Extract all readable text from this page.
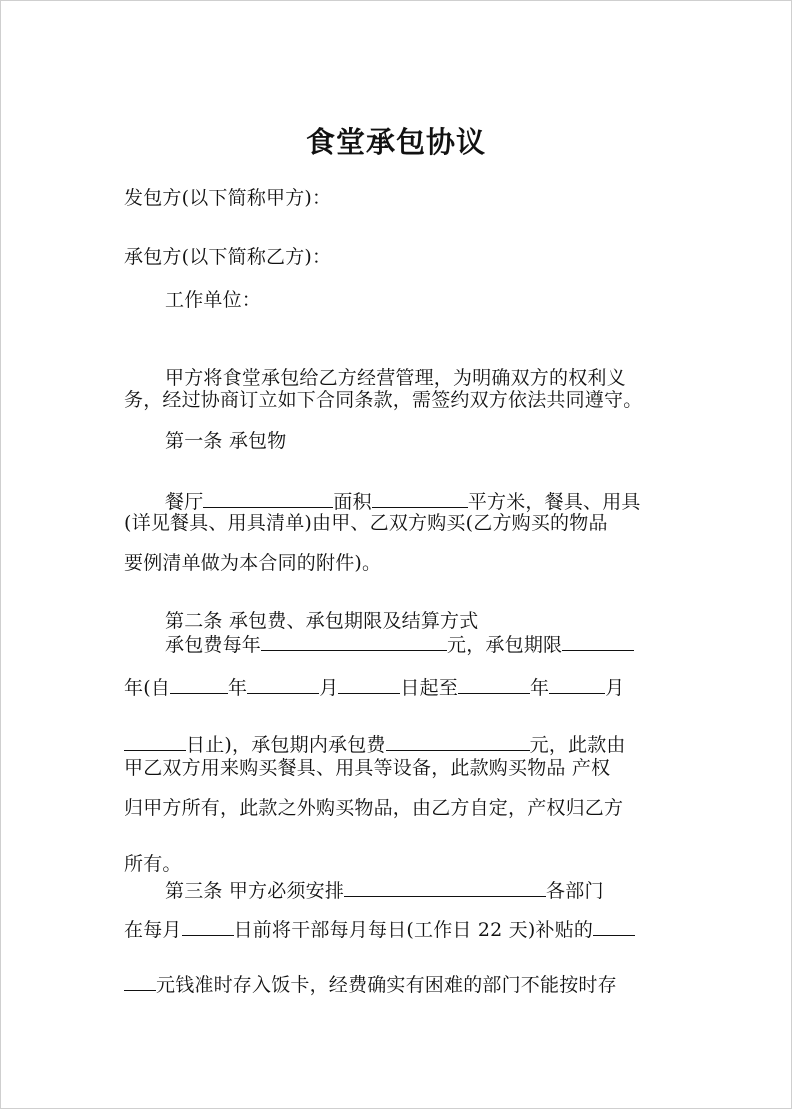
食堂承包协议
发包方(以下简称甲方)：
承包方(以下简称乙方)：
工作单位：
甲方将食堂承包给乙方经营管理，为明确双方的权利义
务，经过协商订立如下合同条款，需签约双方依法共同遵守。
第一条 承包物
餐厅	面积	平方米，餐具、用具
(详见餐具、用具清单)由甲、乙双方购买(乙方购买的物品
要例清单做为本合同的附件)。
第二条 承包费、承包期限及结算方式
承包费每年	元，承包期限
年(自	年	月	日起至	年	月
日止)，承包期内承包费	元，此款由
甲乙双方用来购买餐具、用具等设备，此款购买物品 产权
归甲方所有，此款之外购买物品，由乙方自定，产权归乙方
所有。
第三条 甲方必须安排	各部门
在每月	日前将干部每月每日(工作日 22 天)补贴的
元钱准时存入饭卡，经费确实有困难的部门不能按时存
